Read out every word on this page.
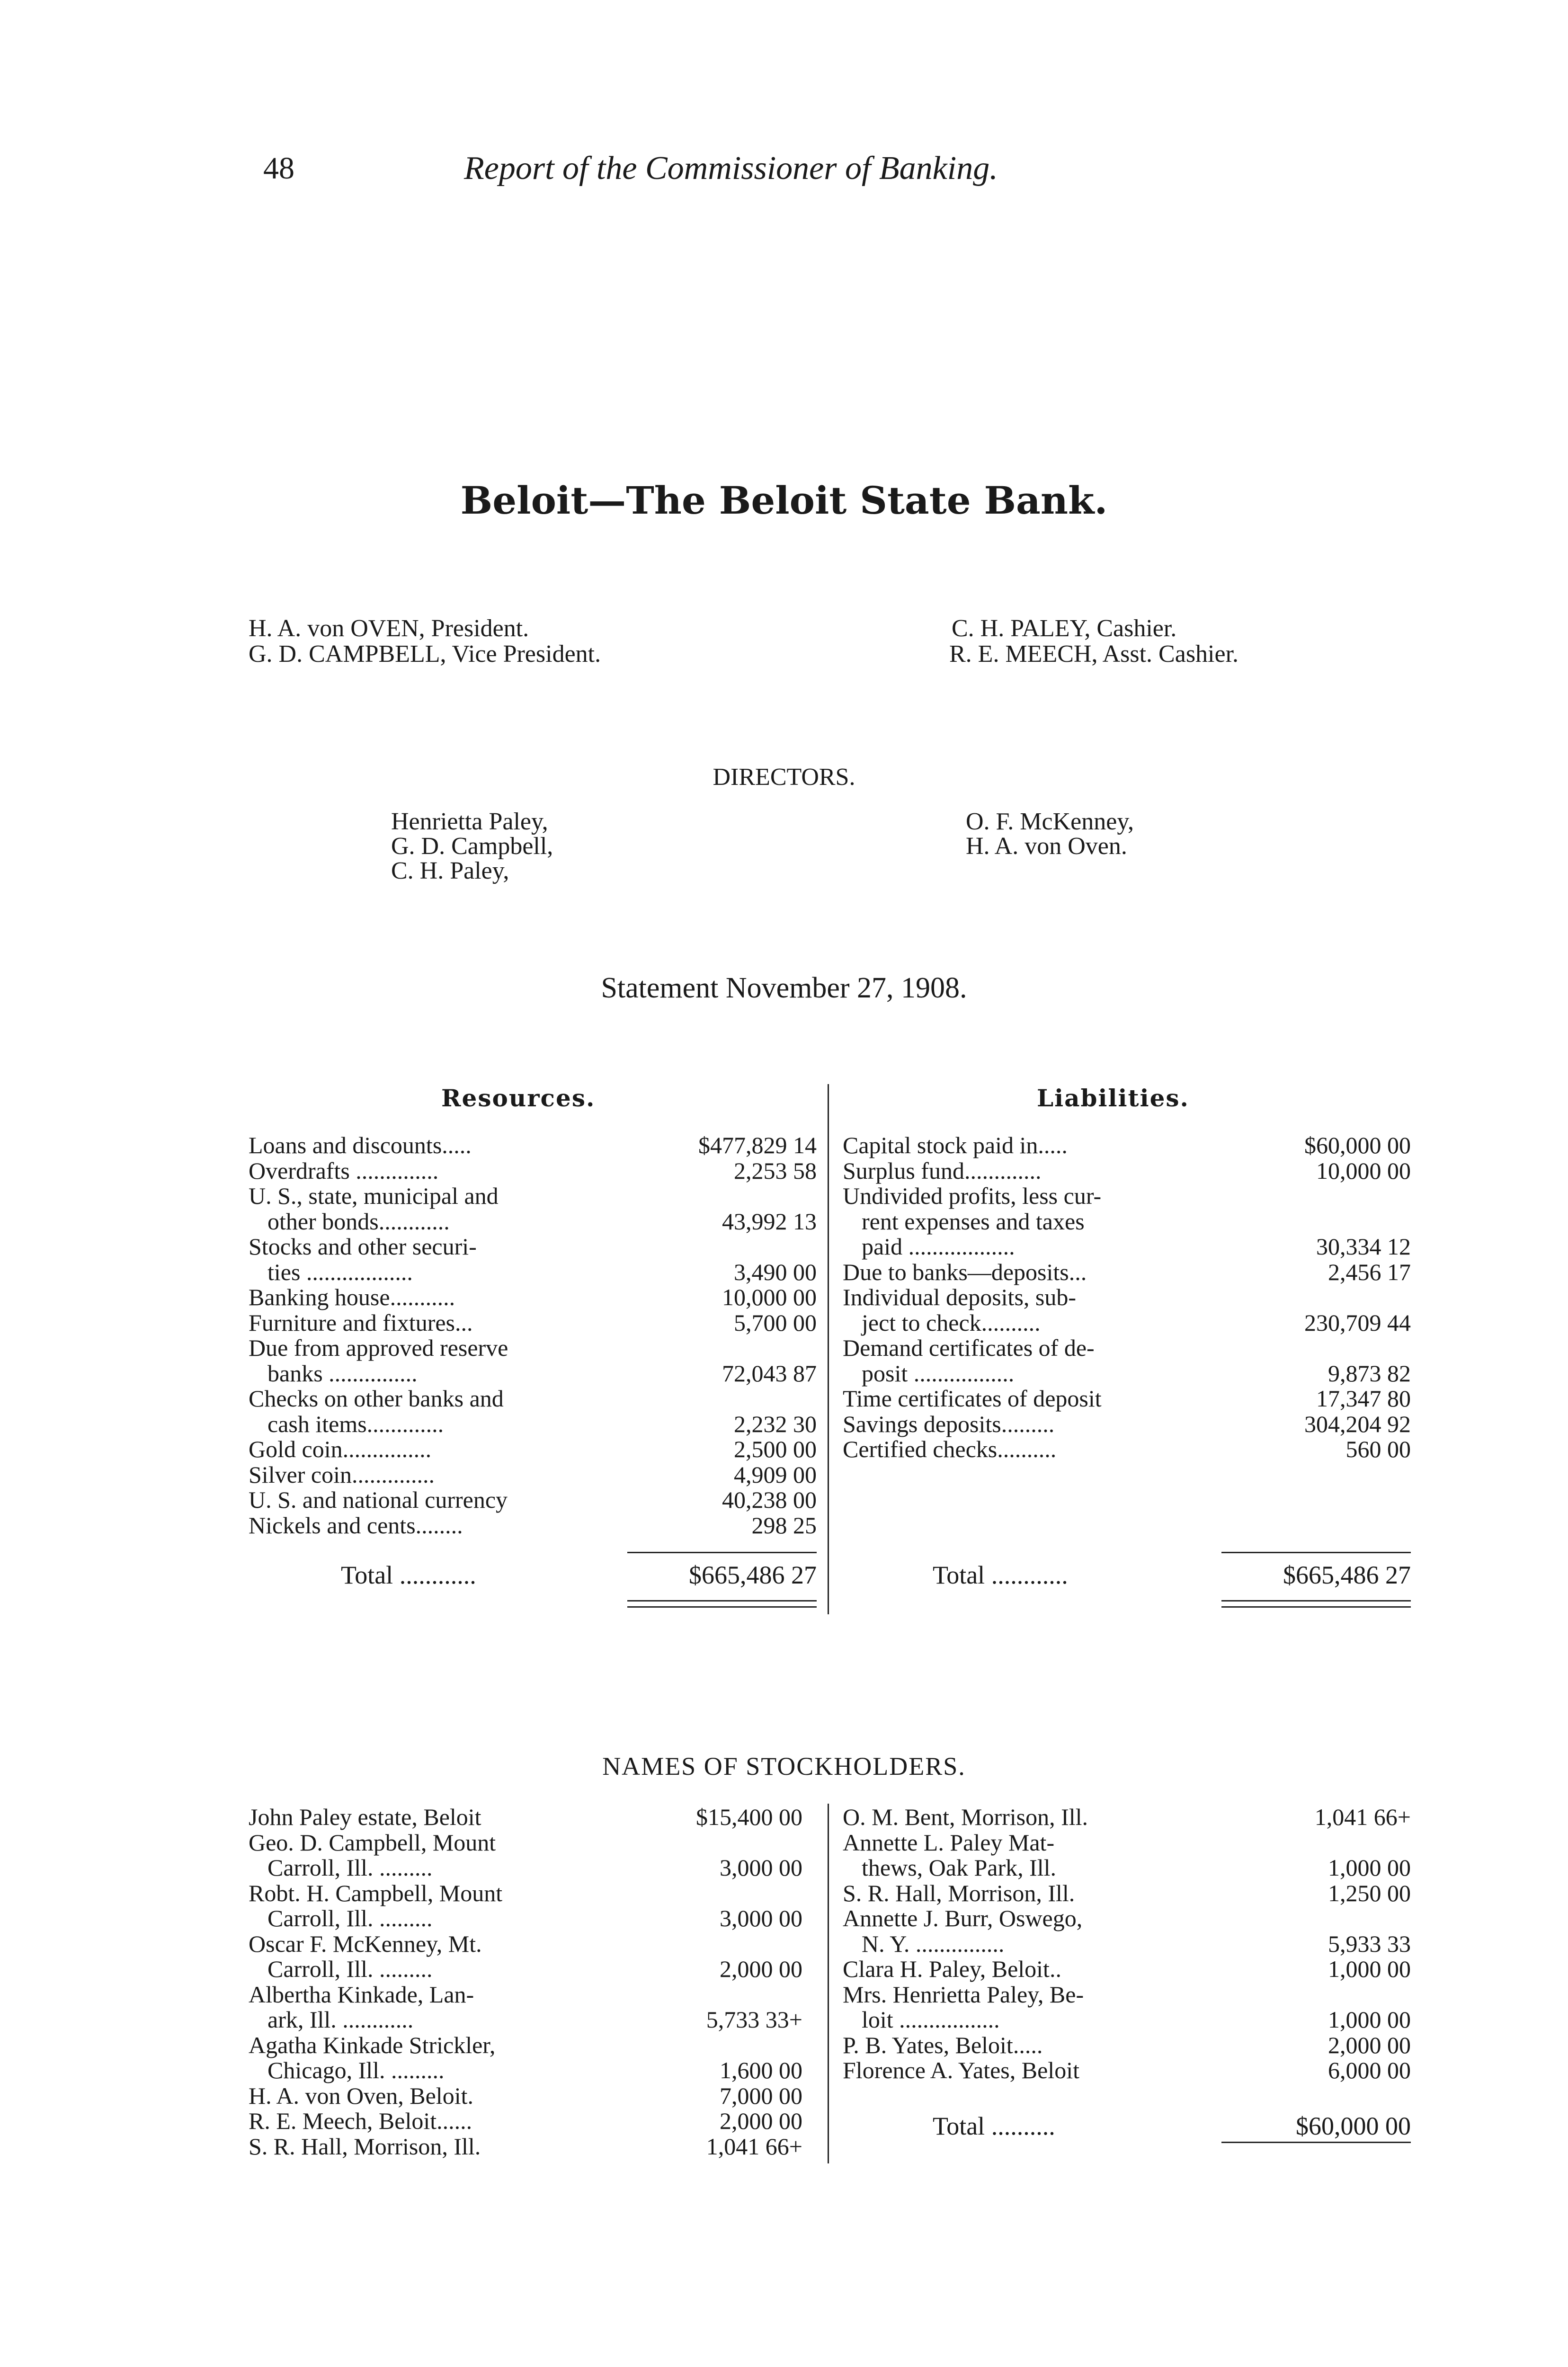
48	Report of the Commissioner of Banking.
Beloit—The Beloit State Bank.
H. A. von OVEN, President.
G. D. CAMPBELL, Vice President.
C. H. PALEY, Cashier.
R. E. MEECH, Asst. Cashier.
DIRECTORS.
Henrietta Paley,
G. D. Campbell,
C. H. Paley,
O. F. McKenney,
H. A. von Oven.
Statement November 27, 1908.
Resources.	Liabilities.
Loans and discounts.....	$477,829 14
Overdrafts ..............	2,253 58
U. S., state, municipal and
other bonds............	43,992 13
Stocks and other securi-
ties ..................	3,490 00
Banking house...........	10,000 00
Furniture and fixtures...	5,700 00
Due from approved reserve
banks ...............	72,043 87
Checks on other banks and
cash items.............	2,232 30
Gold coin...............	2,500 00
Silver coin..............	4,909 00
U. S. and national currency	40,238 00
Nickels and cents........	298 25
Total ............	$665,486 27
Capital stock paid in.....	$60,000 00
Surplus fund.............	10,000 00
Undivided profits, less cur-
rent expenses and taxes
paid ..................	30,334 12
Due to banks—deposits...	2,456 17
Individual deposits, sub-
ject to check..........	230,709 44
Demand certificates of de-
posit .................	9,873 82
Time certificates of deposit	17,347 80
Savings deposits.........	304,204 92
Certified checks..........	560 00
Total ............	$665,486 27
NAMES OF STOCKHOLDERS.
John Paley estate, Beloit	$15,400 00
Geo. D. Campbell, Mount
Carroll, Ill. .........	3,000 00
Robt. H. Campbell, Mount
Carroll, Ill. .........	3,000 00
Oscar F. McKenney, Mt.
Carroll, Ill. .........	2,000 00
Albertha Kinkade, Lan-
ark, Ill. ............	5,733 33+
Agatha Kinkade Strickler,
Chicago, Ill. .........	1,600 00
H. A. von Oven, Beloit.	7,000 00
R. E. Meech, Beloit......	2,000 00
S. R. Hall, Morrison, Ill.	1,041 66+
O. M. Bent, Morrison, Ill.	1,041 66+
Annette L. Paley Mat-
thews, Oak Park, Ill.	1,000 00
S. R. Hall, Morrison, Ill.	1,250 00
Annette J. Burr, Oswego,
N. Y. ...............	5,933 33
Clara H. Paley, Beloit..	1,000 00
Mrs. Henrietta Paley, Be-
loit .................	1,000 00
P. B. Yates, Beloit.....	2,000 00
Florence A. Yates, Beloit	6,000 00
Total ..........	$60,000 00
